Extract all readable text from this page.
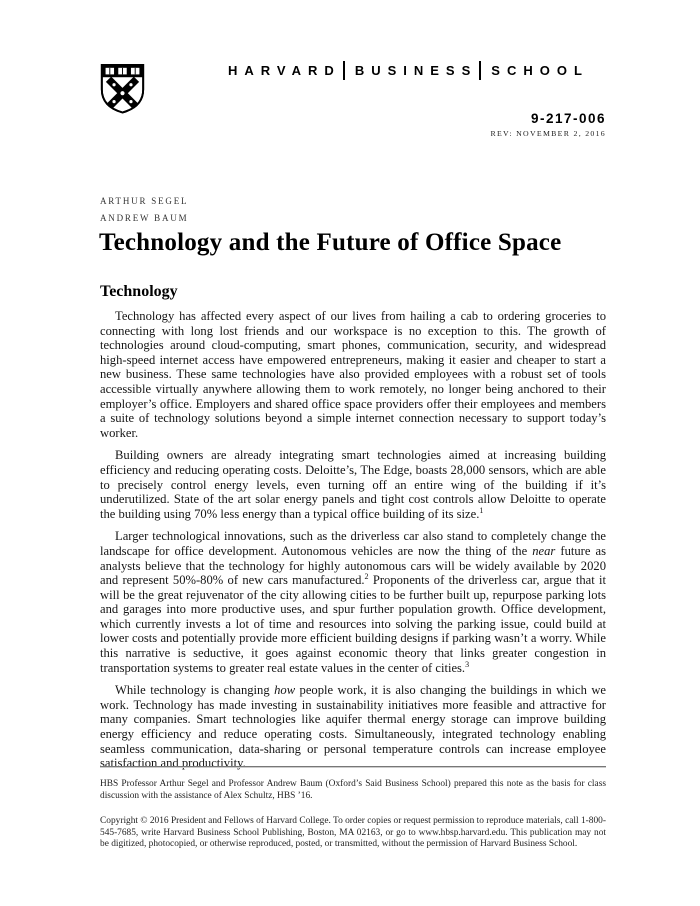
HARVARD BUSINESS SCHOOL
9-217-006
REV: NOVEMBER 2, 2016
ARTHUR SEGEL
ANDREW BAUM
Technology and the Future of Office Space
Technology

Technology has affected every aspect of our lives from hailing a cab to ordering groceries to connecting with long lost friends and our workspace is no exception to this. The growth of technologies around cloud-computing, smart phones, communication, security, and widespread high-speed internet access have empowered entrepreneurs, making it easier and cheaper to start a new business. These same technologies have also provided employees with a robust set of tools accessible virtually anywhere allowing them to work remotely, no longer being anchored to their employer’s office. Employers and shared office space providers offer their employees and members a suite of technology solutions beyond a simple internet connection necessary to support today’s worker.

Building owners are already integrating smart technologies aimed at increasing building efficiency and reducing operating costs. Deloitte’s, The Edge, boasts 28,000 sensors, which are able to precisely control energy levels, even turning off an entire wing of the building if it’s underutilized. State of the art solar energy panels and tight cost controls allow Deloitte to operate the building using 70% less energy than a typical office building of its size.$^1$

Larger technological innovations, such as the driverless car also stand to completely change the landscape for office development. Autonomous vehicles are now the thing of the near future as analysts believe that the technology for highly autonomous cars will be widely available by 2020 and represent 50%-80% of new cars manufactured.$^2$ Proponents of the driverless car, argue that it will be the great rejuvenator of the city allowing cities to be further built up, repurpose parking lots and garages into more productive uses, and spur further population growth. Office development, which currently invests a lot of time and resources into solving the parking issue, could build at lower costs and potentially provide more efficient building designs if parking wasn’t a worry. While this narrative is seductive, it goes against economic theory that links greater congestion in transportation systems to greater real estate values in the center of cities.$^3$

While technology is changing how people work, it is also changing the buildings in which we work. Technology has made investing in sustainability initiatives more feasible and attractive for many companies. Smart technologies like aquifer thermal energy storage can improve building energy efficiency and reduce operating costs. Simultaneously, integrated technology enabling seamless communication, data-sharing or personal temperature controls can increase employee satisfaction and productivity.

HBS Professor Arthur Segel and Professor Andrew Baum (Oxford’s Said Business School) prepared this note as the basis for class discussion with the assistance of Alex Schultz, HBS ’16.
Copyright © 2016 President and Fellows of Harvard College. To order copies or request permission to reproduce materials, call 1-800-545-7685, write Harvard Business School Publishing, Boston, MA 02163, or go to www.hbsp.harvard.edu. This publication may not be digitized, photocopied, or otherwise reproduced, posted, or transmitted, without the permission of Harvard Business School.
